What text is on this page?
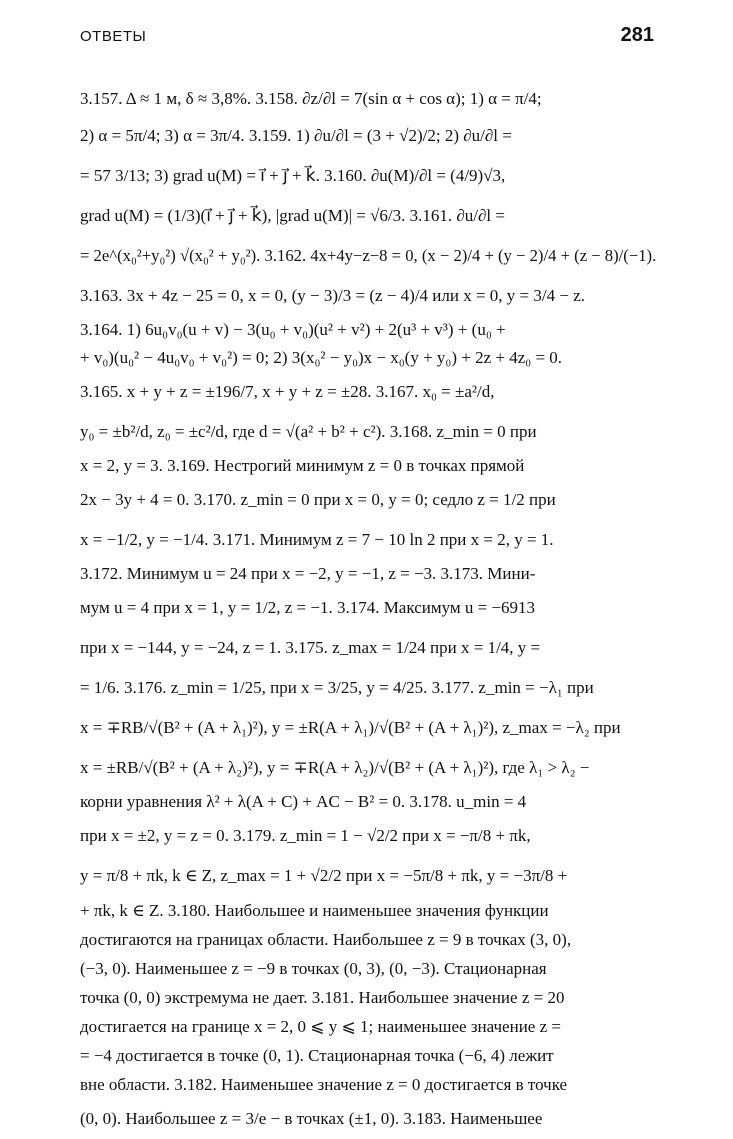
ОТВЕТЫ	281
3.157. Δ ≈ 1 м, δ ≈ 3,8%. 3.158. ∂z/∂l = 7(sin α + cos α); 1) α = π/4;
2) α = 5π/4; 3) α = 3π/4. 3.159. 1) ∂u/∂l = (3 + √2)/2; 2) ∂u/∂l =
= 57 3/13; 3) grad u(M) = i⃗ + j⃗ + k⃗. 3.160. ∂u(M)/∂l = (4/9)√3,
grad u(M) = (1/3)(i⃗ + j⃗ + k⃗), |grad u(M)| = √6/3. 3.161. ∂u/∂l =
= 2e^(x₀²+y₀²) √(x₀² + y₀²). 3.162. 4x+4y−z−8 = 0, (x − 2)/4 + (y − 2)/4 + (z − 8)/(−1).
3.163. 3x + 4z − 25 = 0, x = 0, (y − 3)/3 = (z − 4)/4 или x = 0, y = 3/4 − z.
3.164. 1) 6u₀v₀(u + v) − 3(u₀ + v₀)(u² + v²) + 2(u³ + v³) + (u₀ +
+ v₀)(u₀² − 4u₀v₀ + v₀²) = 0; 2) 3(x₀² − y₀)x − x₀(y + y₀) + 2z + 4z₀ = 0.
3.165. x + y + z = ±196/7, x + y + z = ±28. 3.167. x₀ = ±a²/d,
y₀ = ±b²/d, z₀ = ±c²/d, где d = √(a² + b² + c²). 3.168. z_min = 0 при
x = 2, y = 3. 3.169. Нестрогий минимум z = 0 в точках прямой
2x − 3y + 4 = 0. 3.170. z_min = 0 при x = 0, y = 0; седло z = 1/2 при
x = −1/2, y = −1/4. 3.171. Минимум z = 7 − 10 ln 2 при x = 2, y = 1.
3.172. Минимум u = 24 при x = −2, y = −1, z = −3. 3.173. Мини-
мум u = 4 при x = 1, y = 1/2, z = −1. 3.174. Максимум u = −6913
при x = −144, y = −24, z = 1. 3.175. z_max = 1/24 при x = 1/4, y =
= 1/6. 3.176. z_min = 1/25, при x = 3/25, y = 4/25. 3.177. z_min = −λ₁ при
x = ∓RB/√(B² + (A + λ₁)²), y = ±R(A + λ₁)/√(B² + (A + λ₁)²), z_max = −λ₂ при
x = ±RB/√(B² + (A + λ₂)²), y = ∓R(A + λ₂)/√(B² + (A + λ₁)²), где λ₁ > λ₂ −
корни уравнения λ² + λ(A + C) + AC − B² = 0. 3.178. u_min = 4
при x = ±2, y = z = 0. 3.179. z_min = 1 − √2/2 при x = −π/8 + πk,
y = π/8 + πk, k ∈ Z, z_max = 1 + √2/2 при x = −5π/8 + πk, y = −3π/8 +
+ πk, k ∈ Z. 3.180. Наибольшее и наименьшее значения функции
достигаются на границах области. Наибольшее z = 9 в точках (3, 0),
(−3, 0). Наименьшее z = −9 в точках (0, 3), (0, −3). Стационарная
точка (0, 0) экстремума не дает. 3.181. Наибольшее значение z = 20
достигается на границе x = 2, 0 ⩽ y ⩽ 1; наименьшее значение z =
= −4 достигается в точке (0, 1). Стационарная точка (−6, 4) лежит
вне области. 3.182. Наименьшее значение z = 0 достигается в точке
(0, 0). Наибольшее z = 3/e − в точках (±1, 0). 3.183. Наименьшее
